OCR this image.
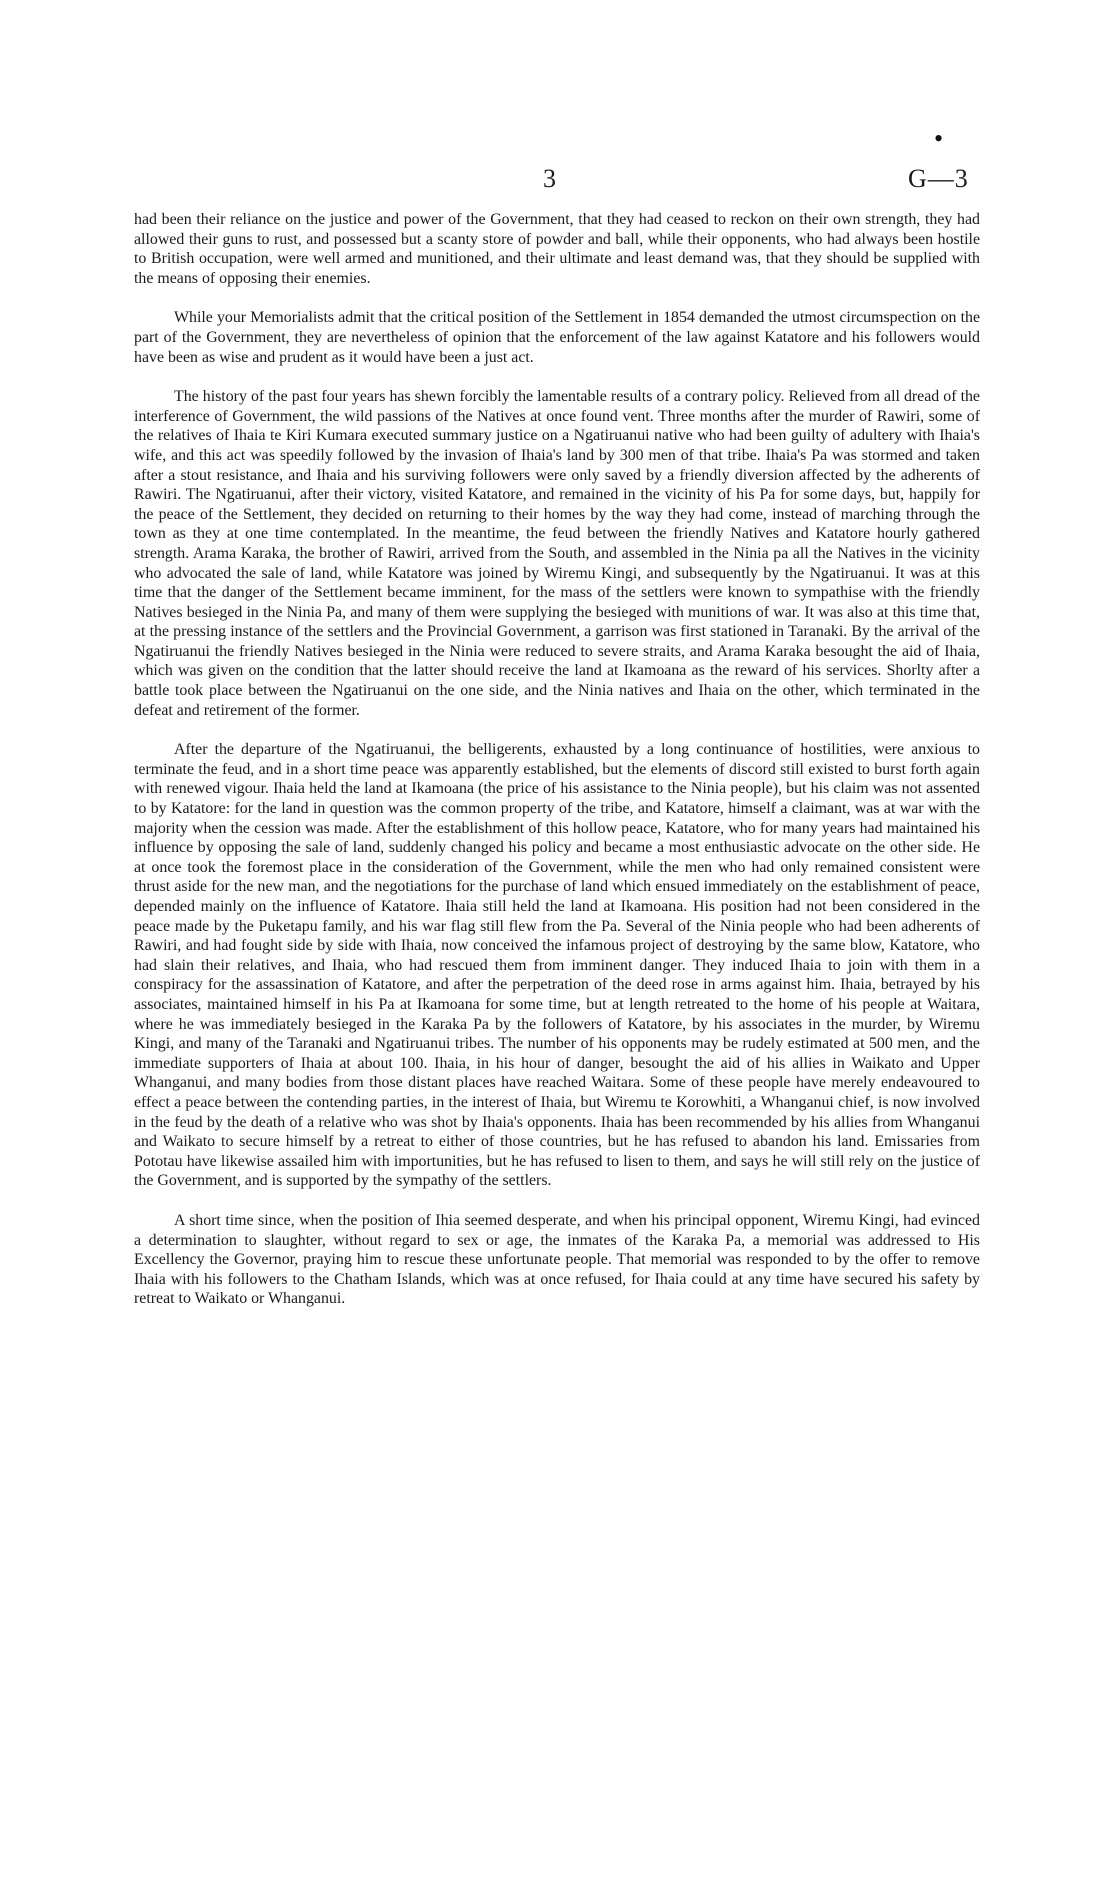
•
3	G—3

had been their reliance on the justice and power of the Government, that they had ceased to reckon on their own strength, they had allowed their guns to rust, and possessed but a scanty store of powder and ball, while their opponents, who had always been hostile to British occupation, were well armed and munitioned, and their ultimate and least demand was, that they should be supplied with the means of opposing their enemies.

While your Memorialists admit that the critical position of the Settlement in 1854 demanded the utmost circumspection on the part of the Government, they are nevertheless of opinion that the enforcement of the law against Katatore and his followers would have been as wise and prudent as it would have been a just act.

The history of the past four years has shewn forcibly the lamentable results of a contrary policy. Relieved from all dread of the interference of Government, the wild passions of the Natives at once found vent. Three months after the murder of Rawiri, some of the relatives of Ihaia te Kiri Kumara executed summary justice on a Ngatiruanui native who had been guilty of adultery with Ihaia's wife, and this act was speedily followed by the invasion of Ihaia's land by 300 men of that tribe. Ihaia's Pa was stormed and taken after a stout resistance, and Ihaia and his surviving followers were only saved by a friendly diversion affected by the adherents of Rawiri. The Ngatiruanui, after their victory, visited Katatore, and remained in the vicinity of his Pa for some days, but, happily for the peace of the Settlement, they decided on returning to their homes by the way they had come, instead of marching through the town as they at one time contemplated. In the meantime, the feud between the friendly Natives and Katatore hourly gathered strength. Arama Karaka, the brother of Rawiri, arrived from the South, and assembled in the Ninia pa all the Natives in the vicinity who advocated the sale of land, while Katatore was joined by Wiremu Kingi, and subsequently by the Ngatiruanui. It was at this time that the danger of the Settlement became imminent, for the mass of the settlers were known to sympathise with the friendly Natives besieged in the Ninia Pa, and many of them were supplying the besieged with munitions of war. It was also at this time that, at the pressing instance of the settlers and the Provincial Government, a garrison was first stationed in Taranaki. By the arrival of the Ngatiruanui the friendly Natives besieged in the Ninia were reduced to severe straits, and Arama Karaka besought the aid of Ihaia, which was given on the condition that the latter should receive the land at Ikamoana as the reward of his services. Shorlty after a battle took place between the Ngatiruanui on the one side, and the Ninia natives and Ihaia on the other, which terminated in the defeat and retirement of the former.

After the departure of the Ngatiruanui, the belligerents, exhausted by a long continuance of hostilities, were anxious to terminate the feud, and in a short time peace was apparently established, but the elements of discord still existed to burst forth again with renewed vigour. Ihaia held the land at Ikamoana (the price of his assistance to the Ninia people), but his claim was not assented to by Katatore: for the land in question was the common property of the tribe, and Katatore, himself a claimant, was at war with the majority when the cession was made. After the establishment of this hollow peace, Katatore, who for many years had maintained his influence by opposing the sale of land, suddenly changed his policy and became a most enthusiastic advocate on the other side. He at once took the foremost place in the consideration of the Government, while the men who had only remained consistent were thrust aside for the new man, and the negotiations for the purchase of land which ensued immediately on the establishment of peace, depended mainly on the influence of Katatore. Ihaia still held the land at Ikamoana. His position had not been considered in the peace made by the Puketapu family, and his war flag still flew from the Pa. Several of the Ninia people who had been adherents of Rawiri, and had fought side by side with Ihaia, now conceived the infamous project of destroying by the same blow, Katatore, who had slain their relatives, and Ihaia, who had rescued them from imminent danger. They induced Ihaia to join with them in a conspiracy for the assassination of Katatore, and after the perpetration of the deed rose in arms against him. Ihaia, betrayed by his associates, maintained himself in his Pa at Ikamoana for some time, but at length retreated to the home of his people at Waitara, where he was immediately besieged in the Karaka Pa by the followers of Katatore, by his associates in the murder, by Wiremu Kingi, and many of the Taranaki and Ngatiruanui tribes. The number of his opponents may be rudely estimated at 500 men, and the immediate supporters of Ihaia at about 100. Ihaia, in his hour of danger, besought the aid of his allies in Waikato and Upper Whanganui, and many bodies from those distant places have reached Waitara. Some of these people have merely endeavoured to effect a peace between the contending parties, in the interest of Ihaia, but Wiremu te Korowhiti, a Whanganui chief, is now involved in the feud by the death of a relative who was shot by Ihaia's opponents. Ihaia has been recommended by his allies from Whanganui and Waikato to secure himself by a retreat to either of those countries, but he has refused to abandon his land. Emissaries from Pototau have likewise assailed him with importunities, but he has refused to lisen to them, and says he will still rely on the justice of the Government, and is supported by the sympathy of the settlers.

A short time since, when the position of Ihia seemed desperate, and when his principal opponent, Wiremu Kingi, had evinced a determination to slaughter, without regard to sex or age, the inmates of the Karaka Pa, a memorial was addressed to His Excellency the Governor, praying him to rescue these unfortunate people. That memorial was responded to by the offer to remove Ihaia with his followers to the Chatham Islands, which was at once refused, for Ihaia could at any time have secured his safety by retreat to Waikato or Whanganui.
